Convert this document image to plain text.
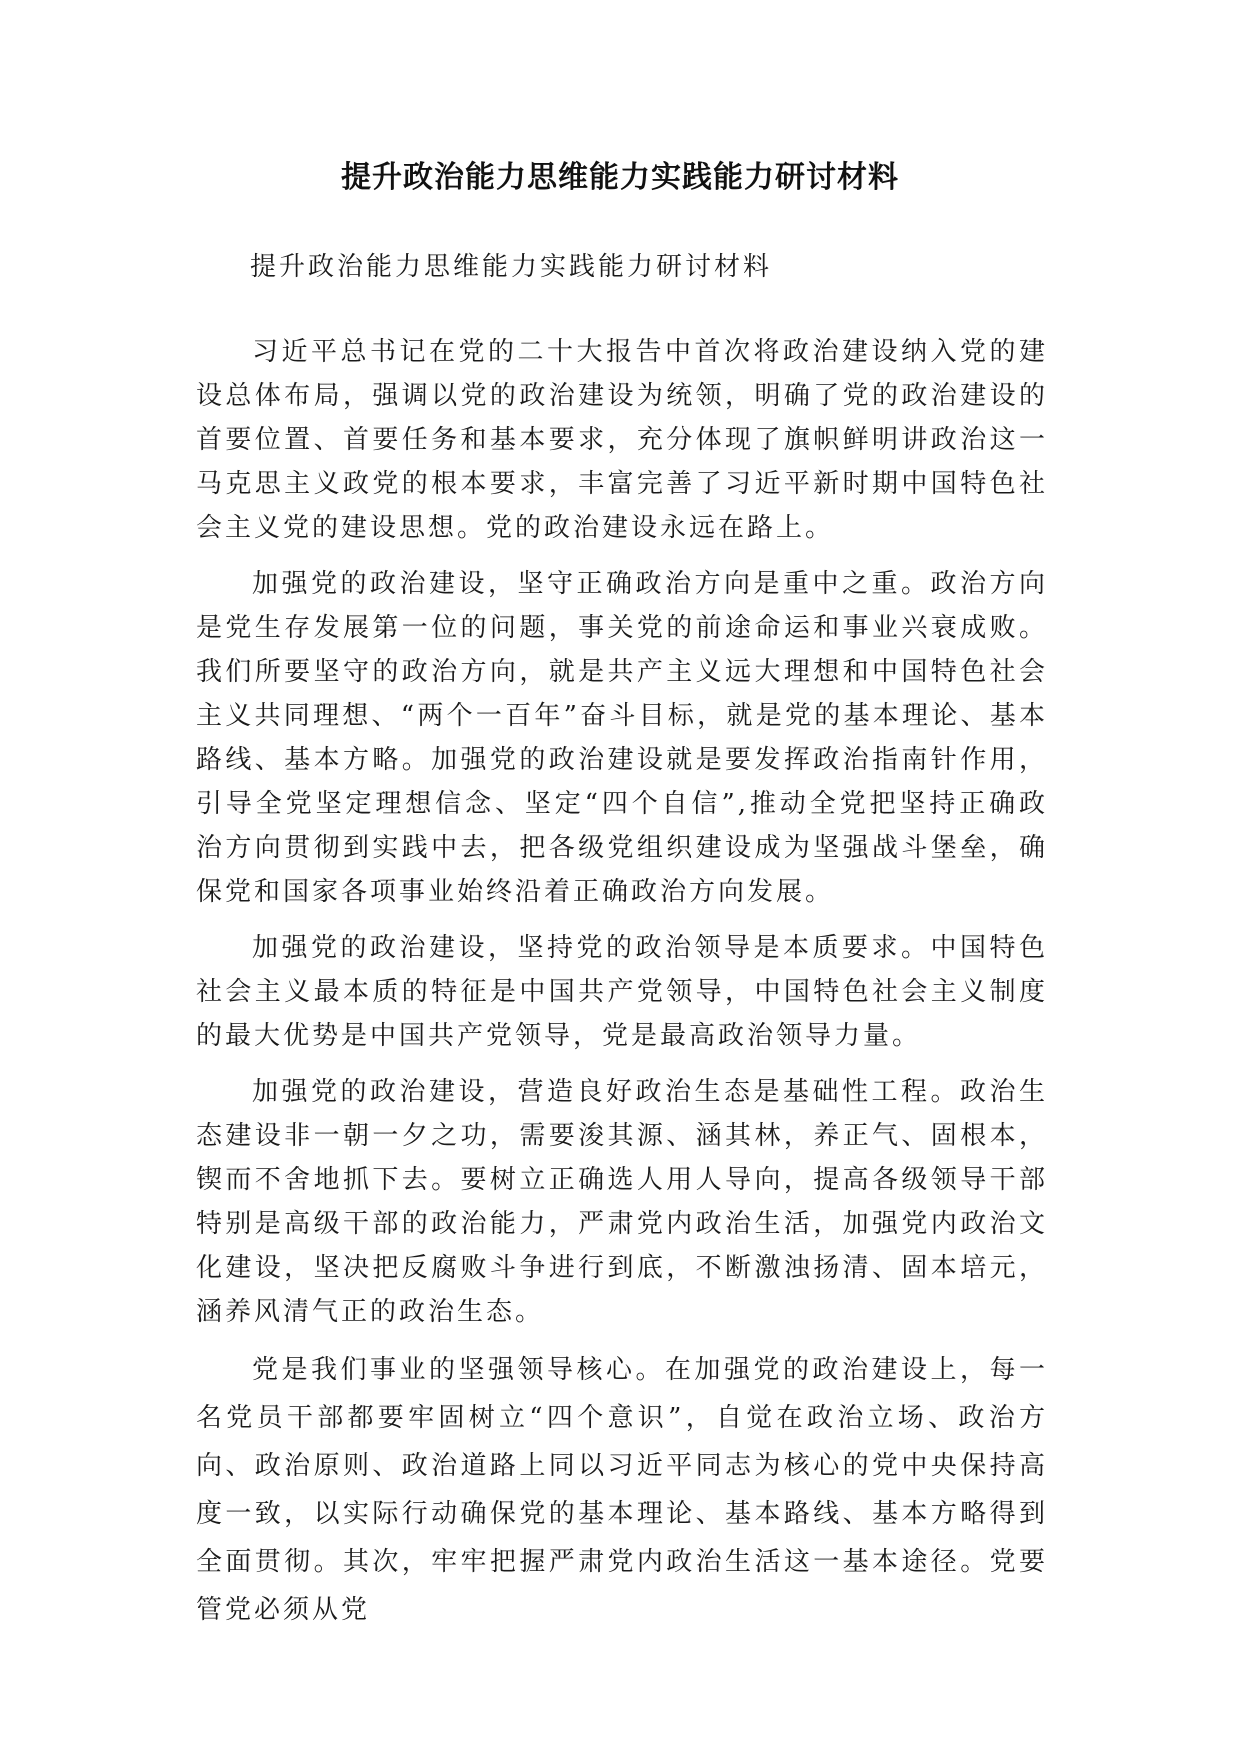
提升政治能力思维能力实践能力研讨材料

提升政治能力思维能力实践能力研讨材料

习近平总书记在党的二十大报告中首次将政治建设纳入党的建设总体布局，强调以党的政治建设为统领，明确了党的政治建设的首要位置、首要任务和基本要求，充分体现了旗帜鲜明讲政治这一马克思主义政党的根本要求，丰富完善了习近平新时期中国特色社会主义党的建设思想。党的政治建设永远在路上。

加强党的政治建设，坚守正确政治方向是重中之重。政治方向是党生存发展第一位的问题，事关党的前途命运和事业兴衰成败。我们所要坚守的政治方向，就是共产主义远大理想和中国特色社会主义共同理想、“两个一百年”奋斗目标，就是党的基本理论、基本路线、基本方略。加强党的政治建设就是要发挥政治指南针作用，引导全党坚定理想信念、坚定“四个自信”,推动全党把坚持正确政治方向贯彻到实践中去，把各级党组织建设成为坚强战斗堡垒，确保党和国家各项事业始终沿着正确政治方向发展。

加强党的政治建设，坚持党的政治领导是本质要求。中国特色社会主义最本质的特征是中国共产党领导，中国特色社会主义制度的最大优势是中国共产党领导，党是最高政治领导力量。

加强党的政治建设，营造良好政治生态是基础性工程。政治生态建设非一朝一夕之功，需要浚其源、涵其林，养正气、固根本，锲而不舍地抓下去。要树立正确选人用人导向，提高各级领导干部特别是高级干部的政治能力，严肃党内政治生活，加强党内政治文化建设，坚决把反腐败斗争进行到底，不断激浊扬清、固本培元，涵养风清气正的政治生态。

党是我们事业的坚强领导核心。在加强党的政治建设上，每一名党员干部都要牢固树立“四个意识”，自觉在政治立场、政治方向、政治原则、政治道路上同以习近平同志为核心的党中央保持高度一致，以实际行动确保党的基本理论、基本路线、基本方略得到全面贯彻。其次，牢牢把握严肃党内政治生活这一基本途径。党要管党必须从党
